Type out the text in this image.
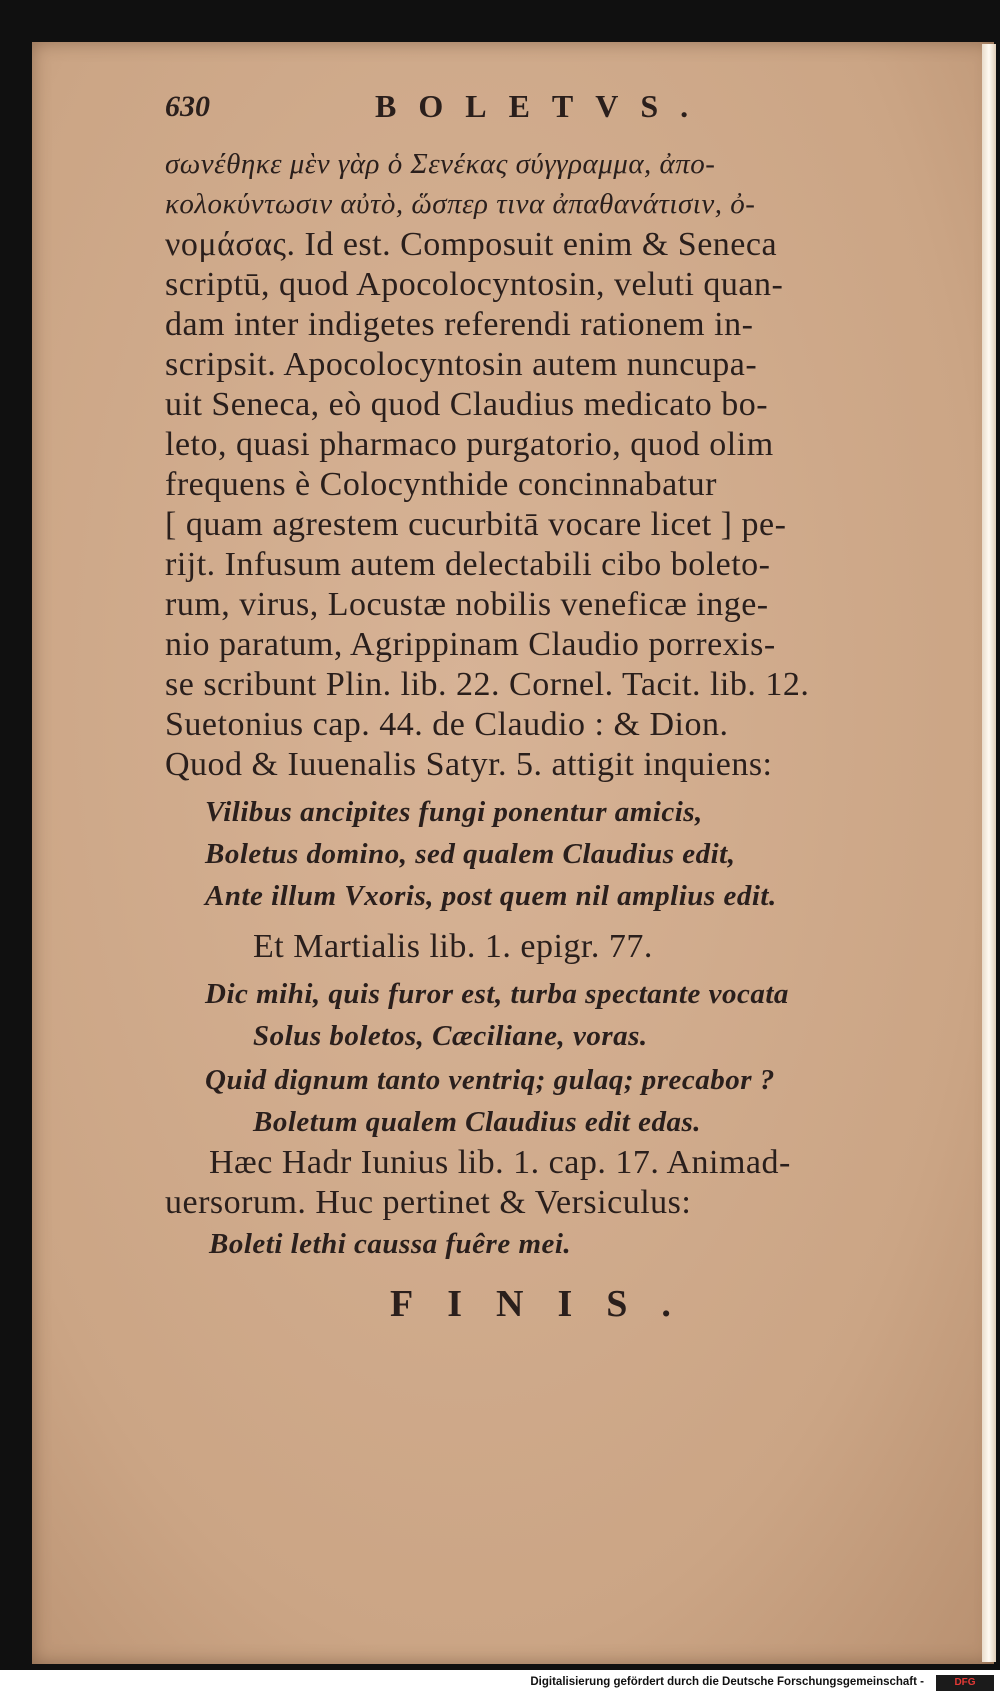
630	BOLETVS.
σωνέθηκε μὲν γὰρ ὁ Σενέκας σύγγραμμα, ἀπο-
κολοκύντωσιν αὐτὸ, ὥσπερ τινα ἀπαθανάτισιν, ὀ-
νομάσας. Id est. Composuit enim & Seneca
scriptū, quod Apocolocyntosin, veluti quan-
dam inter indigetes referendi rationem in-
scripsit. Apocolocyntosin autem nuncupa-
uit Seneca, eò quod Claudius medicato bo-
leto, quasi pharmaco purgatorio, quod olim
frequens è Colocynthide concinnabatur
[ quam agrestem cucurbitā vocare licet ] pe-
rijt. Infusum autem delectabili cibo boleto-
rum, virus, Locustæ nobilis veneficæ inge-
nio paratum, Agrippinam Claudio porrexis-
se scribunt Plin. lib. 22. Cornel. Tacit. lib. 12.
Suetonius cap. 44. de Claudio : & Dion.
Quod & Iuuenalis Satyr. 5. attigit inquiens:
Vilibus ancipites fungi ponentur amicis,
Boletus domino, sed qualem Claudius edit,
Ante illum Vxoris, post quem nil amplius edit.
Et Martialis lib. 1. epigr. 77.
Dic mihi, quis furor est, turba spectante vocata
Solus boletos, Cæciliane, voras.
Quid dignum tanto ventriq; gulaq; precabor ?
Boletum qualem Claudius edit edas.
Hæc Hadr Iunius lib. 1. cap. 17. Animad-
uersorum. Huc pertinet & Versiculus:
Boleti lethi caussa fuêre mei.
FINIS.
Digitalisierung gefördert durch die Deutsche Forschungsgemeinschaft -	DFG
